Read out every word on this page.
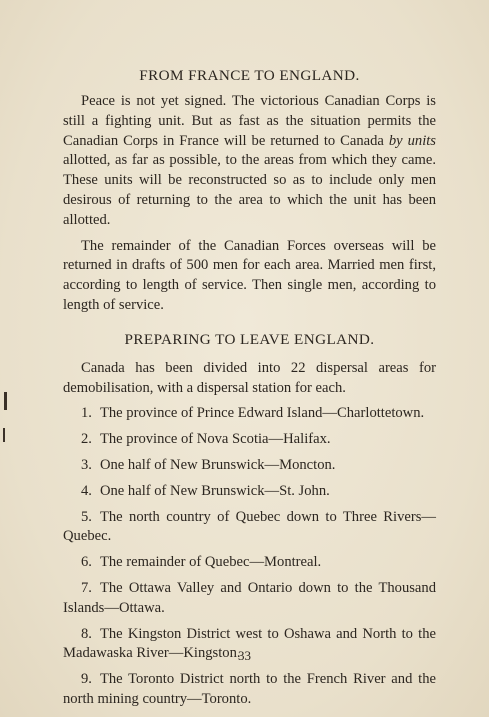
FROM FRANCE TO ENGLAND.

Peace is not yet signed. The victorious Canadian Corps is still a fighting unit. But as fast as the situation permits the Canadian Corps in France will be returned to Canada by units allotted, as far as possible, to the areas from which they came. These units will be reconstructed so as to include only men desirous of returning to the area to which the unit has been allotted.

The remainder of the Canadian Forces overseas will be returned in drafts of 500 men for each area. Married men first, according to length of service. Then single men, according to length of service.

PREPARING TO LEAVE ENGLAND.

Canada has been divided into 22 dispersal areas for demobilisation, with a dispersal station for each.

1. The province of Prince Edward Island—Charlottetown.

2. The province of Nova Scotia—Halifax.

3. One half of New Brunswick—Moncton.

4. One half of New Brunswick—St. John.

5. The north country of Quebec down to Three Rivers—Quebec.

6. The remainder of Quebec—Montreal.

7. The Ottawa Valley and Ontario down to the Thousand Islands—Ottawa.

8. The Kingston District west to Oshawa and North to the Madawaska River—Kingston.

9. The Toronto District north to the French River and the north mining country—Toronto.

33
